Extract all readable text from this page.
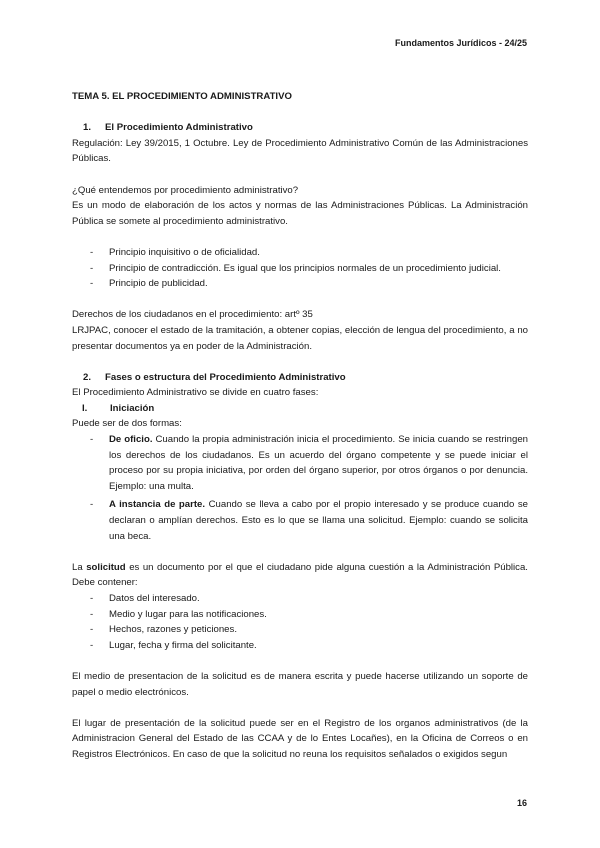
Fundamentos Jurídicos - 24/25

TEMA 5. EL PROCEDIMIENTO ADMINISTRATIVO

1.	El Procedimiento Administrativo

Regulación: Ley 39/2015, 1 Octubre. Ley de Procedimiento Administrativo Común de las Administraciones Públicas.

¿Qué entendemos por procedimiento administrativo?

Es un modo de elaboración de los actos y normas de las Administraciones Públicas. La Administración Pública se somete al procedimiento administrativo.

-	Principio inquisitivo o de oficialidad.
-	Principio de contradicción. Es igual que los principios normales de un procedimiento judicial.
-	Principio de publicidad.

Derechos de los ciudadanos en el procedimiento: artº 35

LRJPAC, conocer el estado de la tramitación, a obtener copias, elección de lengua del procedimiento, a no presentar documentos ya en poder de la Administración.

2.	Fases o estructura del Procedimiento Administrativo

El Procedimiento Administrativo se divide en cuatro fases:

I.	Iniciación

Puede ser de dos formas:

-	De oficio. Cuando la propia administración inicia el procedimiento. Se inicia cuando se restringen los derechos de los ciudadanos. Es un acuerdo del órgano competente y se puede iniciar el proceso por su propia iniciativa, por orden del órgano superior, por otros órganos o por denuncia. Ejemplo: una multa.
-	A instancia de parte. Cuando se lleva a cabo por el propio interesado y se produce cuando se declaran o amplían derechos. Esto es lo que se llama una solicitud. Ejemplo: cuando se solicita una beca.

La solicitud es un documento por el que el ciudadano pide alguna cuestión a la Administración Pública. Debe contener:

-	Datos del interesado.
-	Medio y lugar para las notificaciones.
-	Hechos, razones y peticiones.
-	Lugar, fecha y firma del solicitante.

El medio de presentacion de la solicitud es de manera escrita y puede hacerse utilizando un soporte de papel o medio electrónicos.

El lugar de presentación de la solicitud puede ser en el Registro de los organos administrativos (de la Administracion General del Estado de las CCAA y de lo Entes Locañes), en la Oficina de Correos o en Registros Electrónicos. En caso de que la solicitud no reuna los requisitos señalados o exigidos segun

16
